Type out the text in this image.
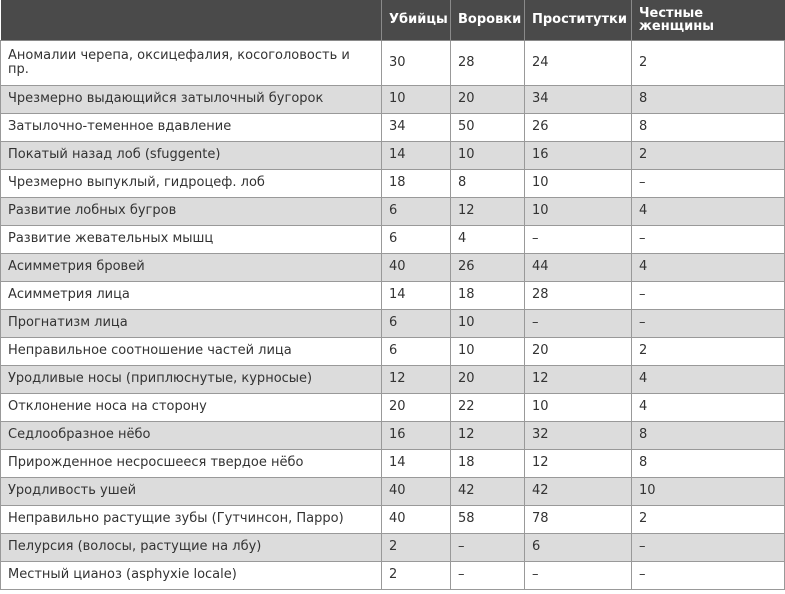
	Убийцы	Воровки	Проститутки	Честные женщины
Аномалии черепа, оксицефалия, косоголовость и пр.	30	28	24	2
Чрезмерно выдающийся затылочный бугорок	10	20	34	8
Затылочно-теменное вдавление	34	50	26	8
Покатый назад лоб (sfuggente)	14	10	16	2
Чрезмерно выпуклый, гидроцеф. лоб	18	8	10	–
Развитие лобных бугров	6	12	10	4
Развитие жевательных мышц	6	4	–	–
Асимметрия бровей	40	26	44	4
Асимметрия лица	14	18	28	–
Прогнатизм лица	6	10	–	–
Неправильное соотношение частей лица	6	10	20	2
Уродливые носы (приплюснутые, курносые)	12	20	12	4
Отклонение носа на сторону	20	22	10	4
Седлообразное нёбо	16	12	32	8
Прирожденное несросшееся твердое нёбо	14	18	12	8
Уродливость ушей	40	42	42	10
Неправильно растущие зубы (Гутчинсон, Парро)	40	58	78	2
Пелурсия (волосы, растущие на лбу)	2	–	6	–
Местный цианоз (asphyxie locale)	2	–	–	–
